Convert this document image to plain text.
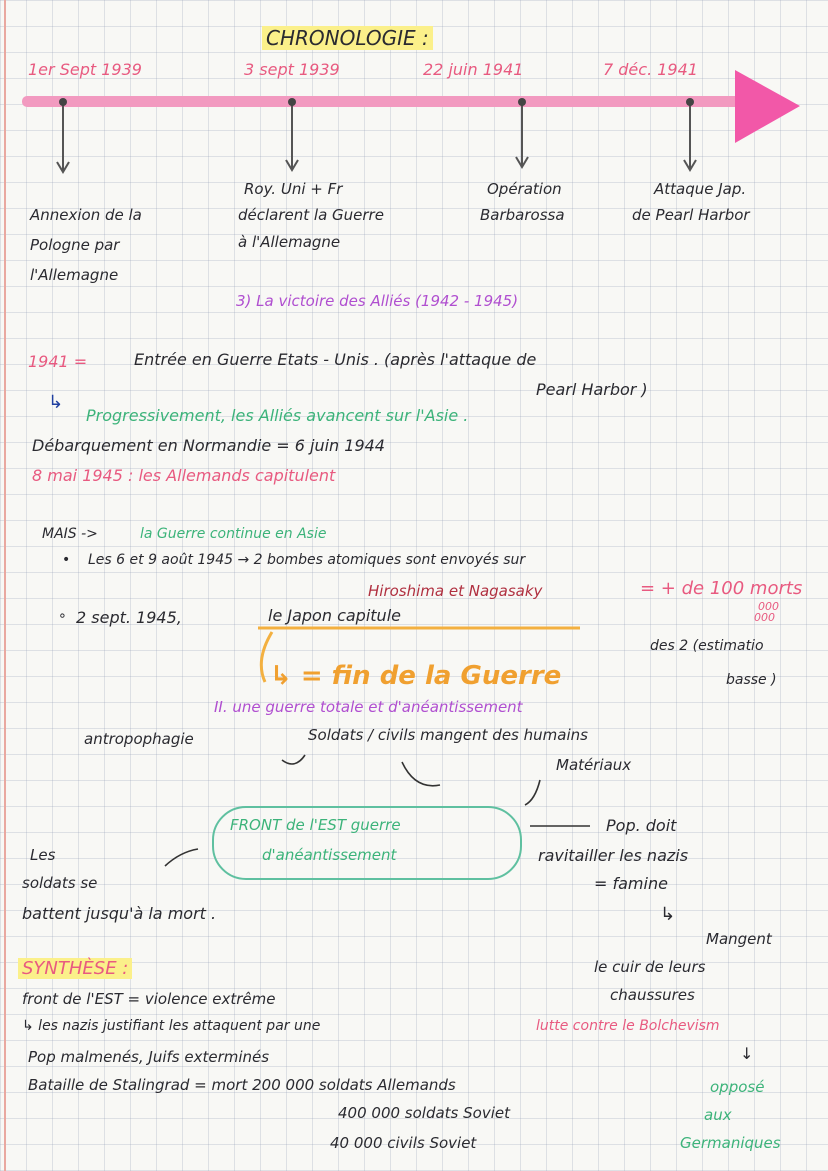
CHRONOLOGIE :
1er Sept 1939	3 sept 1939	22 juin 1941	7 déc. 1941
Annexion de la
Pologne par
l'Allemagne
Roy. Uni + Fr
déclarent la Guerre
à l'Allemagne
Opération
Barbarossa
Attaque Jap.
de Pearl Harbor
3) La victoire des Alliés (1942 - 1945)
1941 =	Entrée en Guerre Etats - Unis . (après l'attaque de
Pearl Harbor )
↳
Progressivement, les Alliés avancent sur l'Asie .
Débarquement en Normandie = 6 juin 1944
8 mai 1945 : les Allemands capitulent
MAIS ->	la Guerre continue en Asie
• Les 6 et 9 août 1945 → 2 bombes atomiques sont envoyés sur
Hiroshima et Nagasaky	= + de 100 morts
000
000
des 2 (estimatio
basse )
∘ 2 sept. 1945,	le Japon capitule
↳ = fin de la Guerre
II. une guerre totale et d'anéantissement
antropophagie	Soldats / civils mangent des humains
Matériaux
FRONT de l'EST guerre
d'anéantissement
Pop. doit
ravitailler les nazis
= famine
↳
Mangent
le cuir de leurs
chaussures
Les
soldats se
battent jusqu'à la mort .
SYNTHÈSE :
front de l'EST = violence extrême
↳ les nazis justifiant les attaquent par une	lutte contre le Bolchevism
Pop malmenés, Juifs exterminés
Bataille de Stalingrad = mort 200 000 soldats Allemands
400 000 soldats Soviet
40 000 civils Soviet
↓
opposé
aux
Germaniques
